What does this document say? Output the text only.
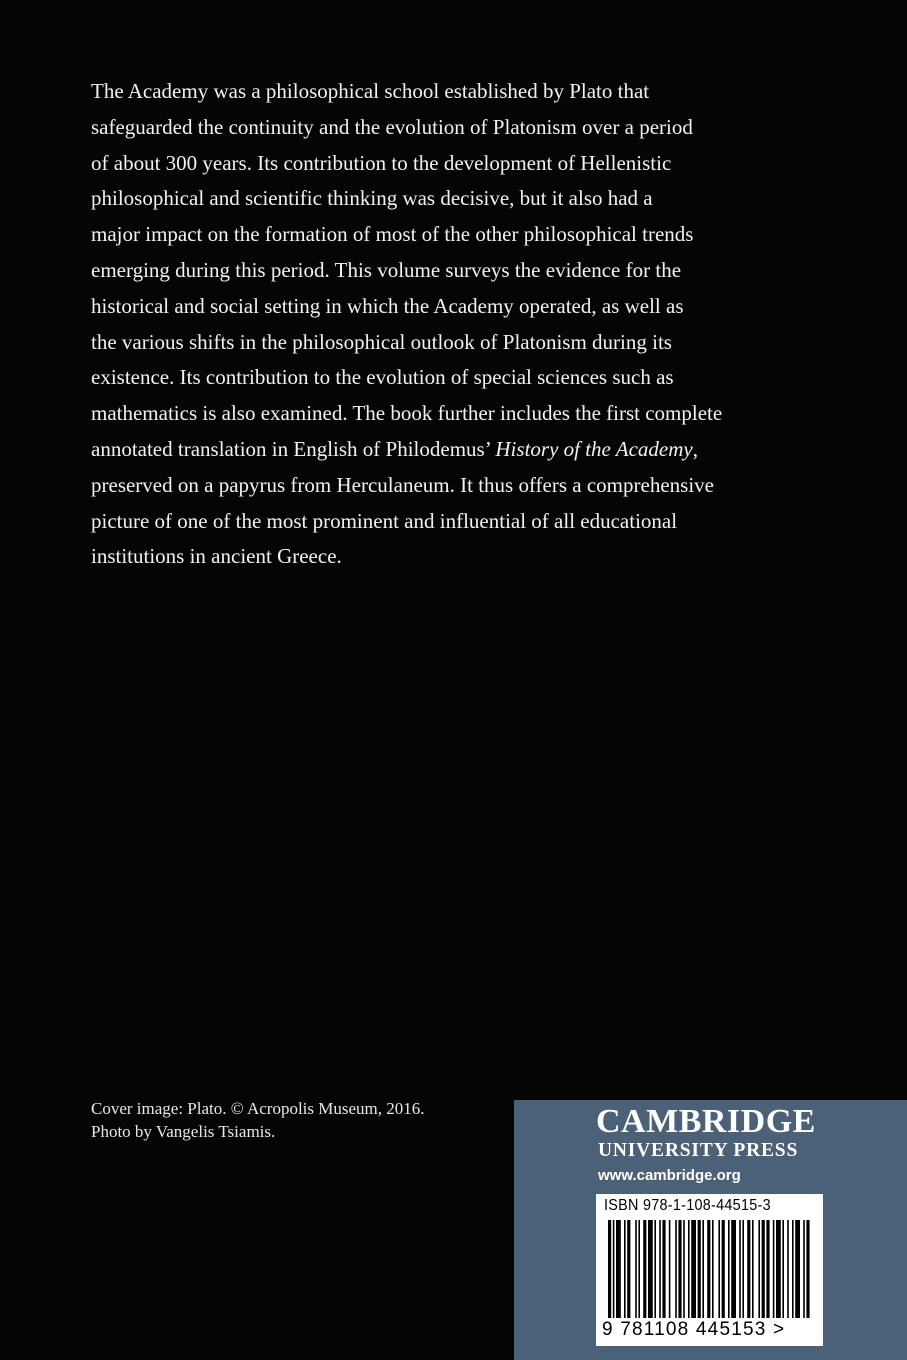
The Academy was a philosophical school established by Plato that
safeguarded the continuity and the evolution of Platonism over a period
of about 300 years. Its contribution to the development of Hellenistic
philosophical and scientific thinking was decisive, but it also had a
major impact on the formation of most of the other philosophical trends
emerging during this period. This volume surveys the evidence for the
historical and social setting in which the Academy operated, as well as
the various shifts in the philosophical outlook of Platonism during its
existence. Its contribution to the evolution of special sciences such as
mathematics is also examined. The book further includes the first complete
annotated translation in English of Philodemus’ History of the Academy,
preserved on a papyrus from Herculaneum. It thus offers a comprehensive
picture of one of the most prominent and influential of all educational
institutions in ancient Greece.
Cover image: Plato. © Acropolis Museum, 2016.
Photo by Vangelis Tsiamis.	CAMBRIDGE
UNIVERSITY PRESS
www.cambridge.org
ISBN 978-1-108-44515-3
9 781108 445153 >
